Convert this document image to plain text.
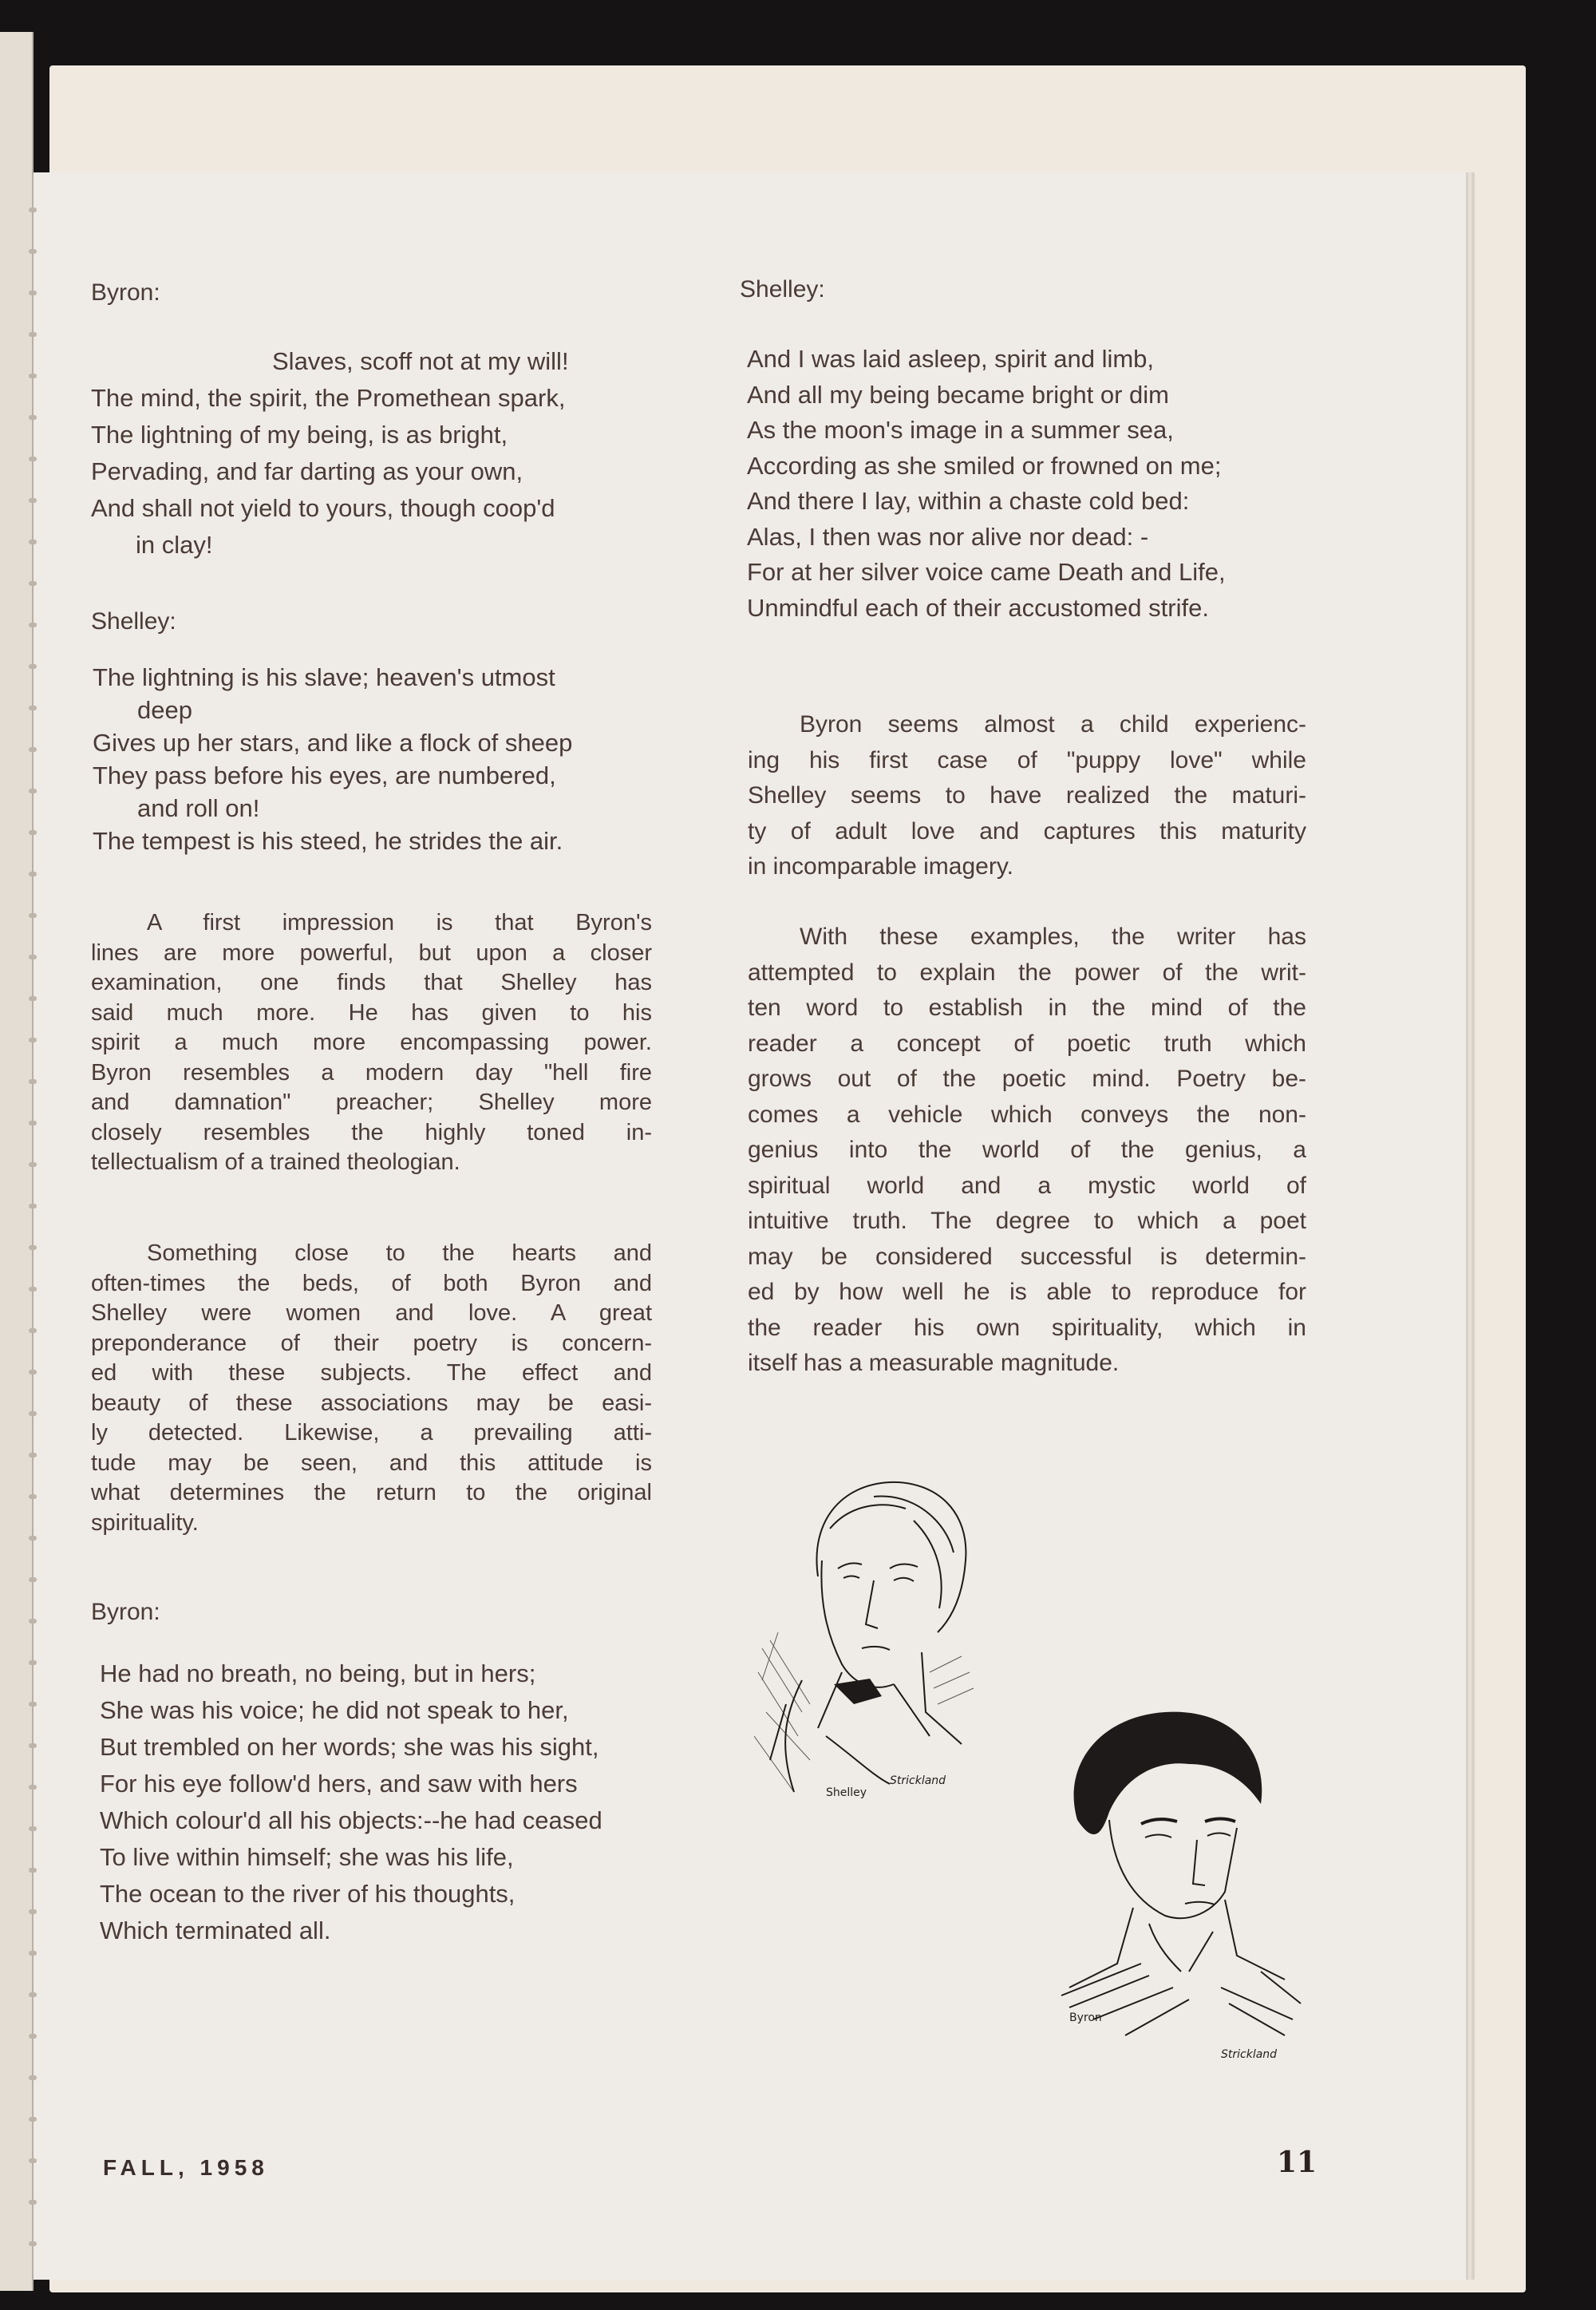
Byron:
Slaves, scoff not at my will!
The mind, the spirit, the Promethean spark,
The lightning of my being, is as bright,
Pervading, and far darting as your own,
And shall not yield to yours, though coop'd
in clay!
Shelley:
The lightning is his slave; heaven's utmost
deep
Gives up her stars, and like a flock of sheep
They pass before his eyes, are numbered,
and roll on!
The tempest is his steed, he strides the air.
A first impression is that Byron's
lines are more powerful, but upon a closer
examination, one finds that Shelley has
said much more. He has given to his
spirit a much more encompassing power.
Byron resembles a modern day "hell fire
and damnation" preacher; Shelley more
closely resembles the highly toned in-
tellectualism of a trained theologian.
Something close to the hearts and
often-times the beds, of both Byron and
Shelley were women and love. A great
preponderance of their poetry is concern-
ed with these subjects. The effect and
beauty of these associations may be easi-
ly detected. Likewise, a prevailing atti-
tude may be seen, and this attitude is
what determines the return to the original
spirituality.
Byron:
He had no breath, no being, but in hers;
She was his voice; he did not speak to her,
But trembled on her words; she was his sight,
For his eye follow'd hers, and saw with hers
Which colour'd all his objects:--he had ceased
To live within himself; she was his life,
The ocean to the river of his thoughts,
Which terminated all.
Shelley:
And I was laid asleep, spirit and limb,
And all my being became bright or dim
As the moon's image in a summer sea,
According as she smiled or frowned on me;
And there I lay, within a chaste cold bed:
Alas, I then was nor alive nor dead: -
For at her silver voice came Death and Life,
Unmindful each of their accustomed strife.
Byron seems almost a child experienc-
ing his first case of "puppy love" while
Shelley seems to have realized the maturi-
ty of adult love and captures this maturity
in incomparable imagery.
With these examples, the writer has
attempted to explain the power of the writ-
ten word to establish in the mind of the
reader a concept of poetic truth which
grows out of the poetic mind. Poetry be-
comes a vehicle which conveys the non-
genius into the world of the genius, a
spiritual world and a mystic world of
intuitive truth. The degree to which a poet
may be considered successful is determin-
ed by how well he is able to reproduce for
the reader his own spirituality, which in
itself has a measurable magnitude.
Shelley
Strickland
Byron
Strickland
FALL, 1958	11
